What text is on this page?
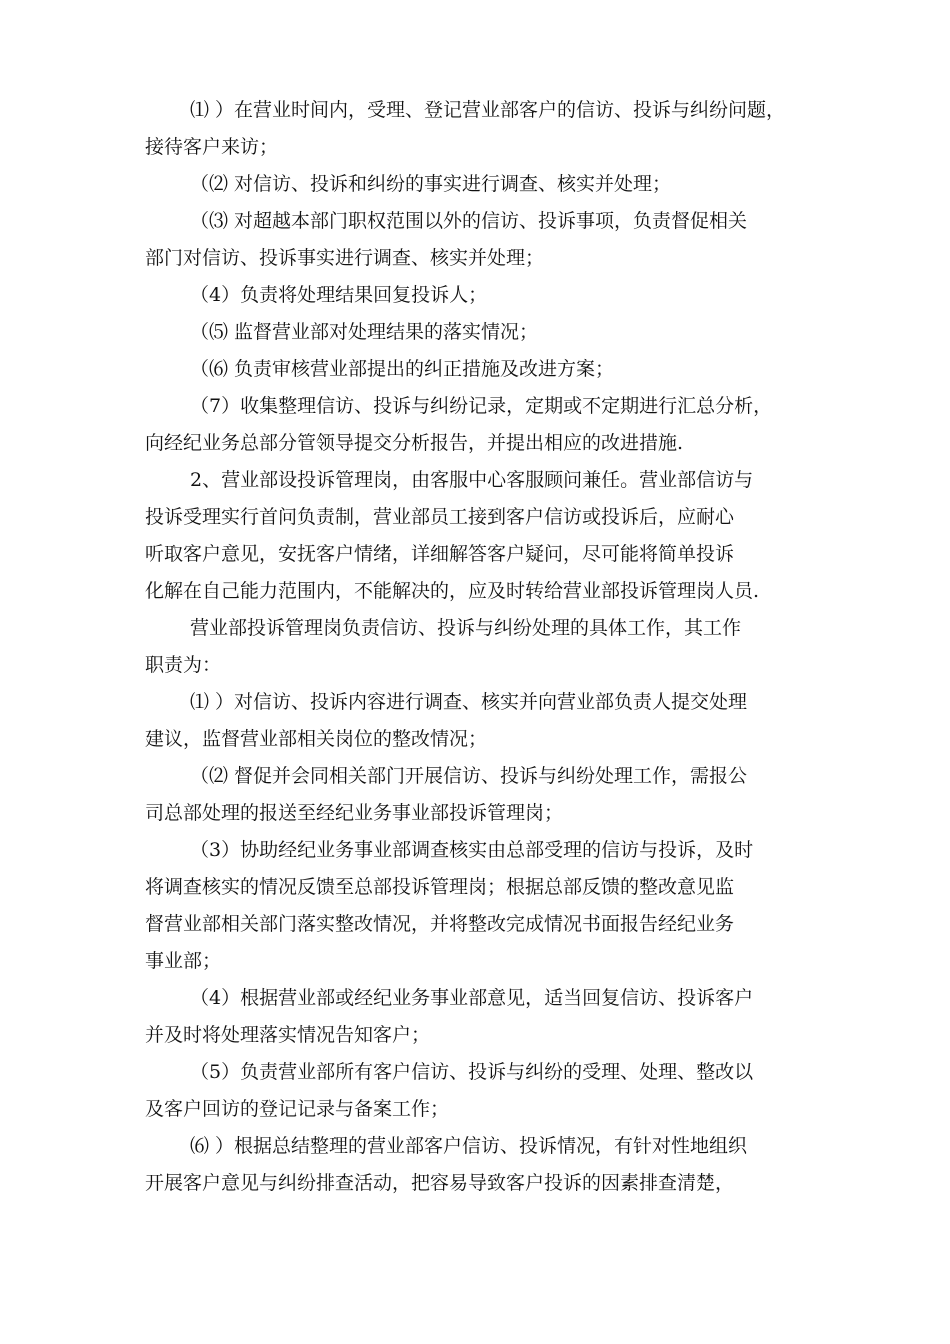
⑴ ）在营业时间内，受理、登记营业部客户的信访、投诉与纠纷问题，
接待客户来访；
（⑵ 对信访、投诉和纠纷的事实进行调查、核实并处理；
（⑶ 对超越本部门职权范围以外的信访、投诉事项，负责督促相关
部门对信访、投诉事实进行调查、核实并处理；
（4）负责将处理结果回复投诉人；
（⑸ 监督营业部对处理结果的落实情况；
（⑹ 负责审核营业部提出的纠正措施及改进方案；
（7）收集整理信访、投诉与纠纷记录，定期或不定期进行汇总分析，
向经纪业务总部分管领导提交分析报告，并提出相应的改进措施.
2、营业部设投诉管理岗，由客服中心客服顾问兼任。营业部信访与
投诉受理实行首问负责制，营业部员工接到客户信访或投诉后，应耐心
听取客户意见，安抚客户情绪，详细解答客户疑问，尽可能将简单投诉
化解在自己能力范围内，不能解决的，应及时转给营业部投诉管理岗人员.
营业部投诉管理岗负责信访、投诉与纠纷处理的具体工作，其工作
职责为：
⑴ ）对信访、投诉内容进行调查、核实并向营业部负责人提交处理
建议，监督营业部相关岗位的整改情况；
（⑵ 督促并会同相关部门开展信访、投诉与纠纷处理工作，需报公
司总部处理的报送至经纪业务事业部投诉管理岗；
（3）协助经纪业务事业部调查核实由总部受理的信访与投诉，及时
将调查核实的情况反馈至总部投诉管理岗；根据总部反馈的整改意见监
督营业部相关部门落实整改情况，并将整改完成情况书面报告经纪业务
事业部；
（4）根据营业部或经纪业务事业部意见，适当回复信访、投诉客户
并及时将处理落实情况告知客户；
（5）负责营业部所有客户信访、投诉与纠纷的受理、处理、整改以
及客户回访的登记记录与备案工作；
⑹ ）根据总结整理的营业部客户信访、投诉情况，有针对性地组织
开展客户意见与纠纷排查活动，把容易导致客户投诉的因素排查清楚，
